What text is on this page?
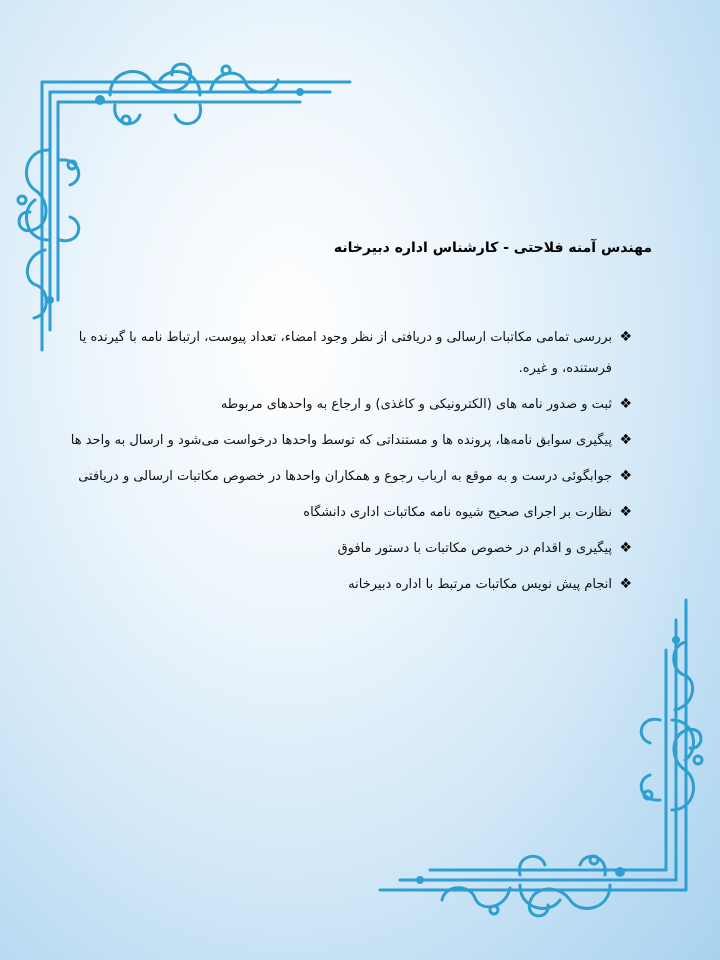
مهندس آمنه فلاحتی - کارشناس اداره دبیرخانه
❖
بررسی تمامی مکاتبات ارسالی و دریافتی از نظر وجود امضاء، تعداد پیوست، ارتباط نامه با گیرنده یا فرستنده، و غیره.
❖
ثبت و صدور نامه های (الکترونیکی و کاغذی) و ارجاع به واحدهای مربوطه
❖
پیگیری سوابق نامه‌ها، پرونده ها و مستنداتی که توسط واحدها درخواست می‌شود و ارسال به واحد ها
❖
جوابگوئی درست و به موقع به ارباب رجوع و همکاران واحدها در خصوص مکاتبات ارسالی و دریافتی
❖
نظارت بر اجرای صحیح شیوه نامه مکاتبات اداری دانشگاه
❖
پیگیری و اقدام در خصوص مکاتبات با دستور مافوق
❖
انجام پیش نویس مکاتبات مرتبط با اداره دبیرخانه
